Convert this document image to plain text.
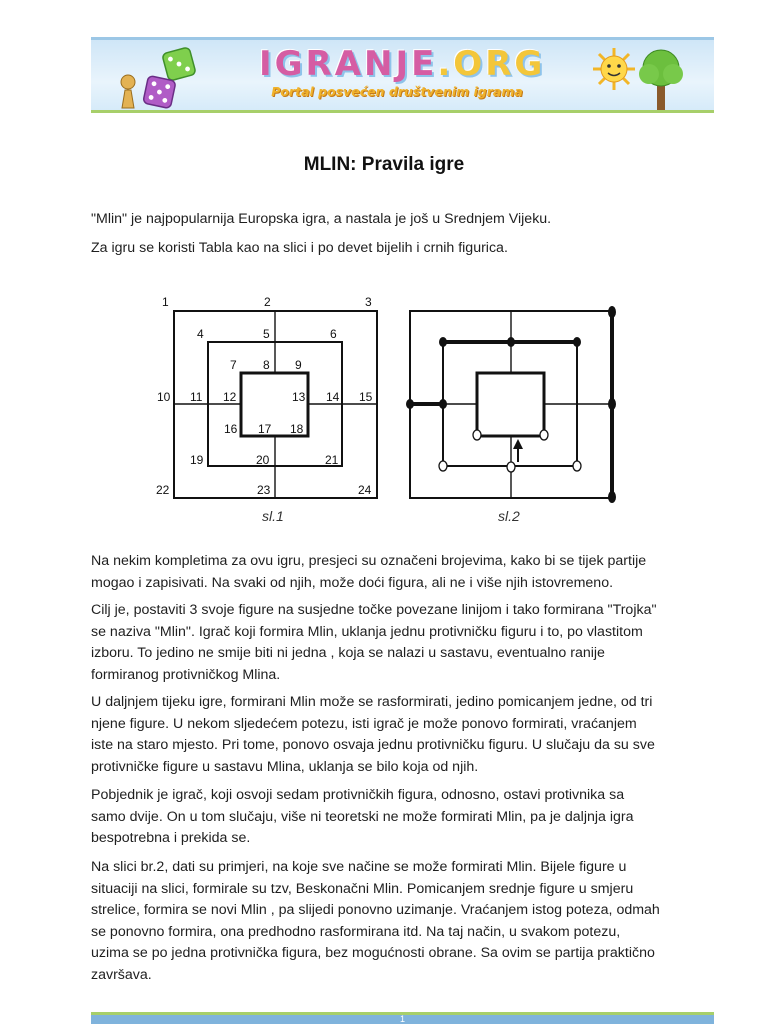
IGRANJE.ORG
Portal posvećen društvenim igrama
MLIN: Pravila igre
"Mlin" je najpopularnija Europska igra, a nastala je još u Srednjem Vijeku.
Za igru se koristi Tabla kao na slici i po devet bijelih i crnih figurica.
1	2	3
4	5	6
7 8 9
10 11 12	13 14 15
16 17 18
19	20	21
22	23	24
sl.1	sl.2
Na nekim kompletima za ovu igru, presjeci su označeni brojevima, kako bi se tijek partije
mogao i zapisivati. Na svaki od njih, može doći figura, ali ne i više njih istovremeno.
Cilj je, postaviti 3 svoje figure na susjedne točke povezane linijom i tako formirana "Trojka"
se naziva "Mlin". Igrač koji formira Mlin, uklanja jednu protivničku figuru i to, po vlastitom
izboru. To jedino ne smije biti ni jedna , koja se nalazi u sastavu, eventualno ranije
formiranog protivničkog Mlina.
U daljnjem tijeku igre, formirani Mlin može se rasformirati, jedino pomicanjem jedne, od tri
njene figure. U nekom sljedećem potezu, isti igrač je može ponovo formirati, vraćanjem
iste na staro mjesto. Pri tome, ponovo osvaja jednu protivničku figuru. U slučaju da su sve
protivničke figure u sastavu Mlina, uklanja se bilo koja od njih.
Pobjednik je igrač, koji osvoji sedam protivničkih figura, odnosno, ostavi protivnika sa
samo dvije. On u tom slučaju, više ni teoretski ne može formirati Mlin, pa je daljnja igra
bespotrebna i prekida se.
Na slici br.2, dati su primjeri, na koje sve načine se može formirati Mlin. Bijele figure u
situaciji na slici, formirale su tzv, Beskonačni Mlin. Pomicanjem srednje figure u smjeru
strelice, formira se novi Mlin , pa slijedi ponovno uzimanje. Vraćanjem istog poteza, odmah
se ponovno formira, ona predhodno rasformirana itd. Na taj način, u svakom potezu,
uzima se po jedna protivnička figura, bez mogućnosti obrane. Sa ovim se partija praktično
završava.
1
